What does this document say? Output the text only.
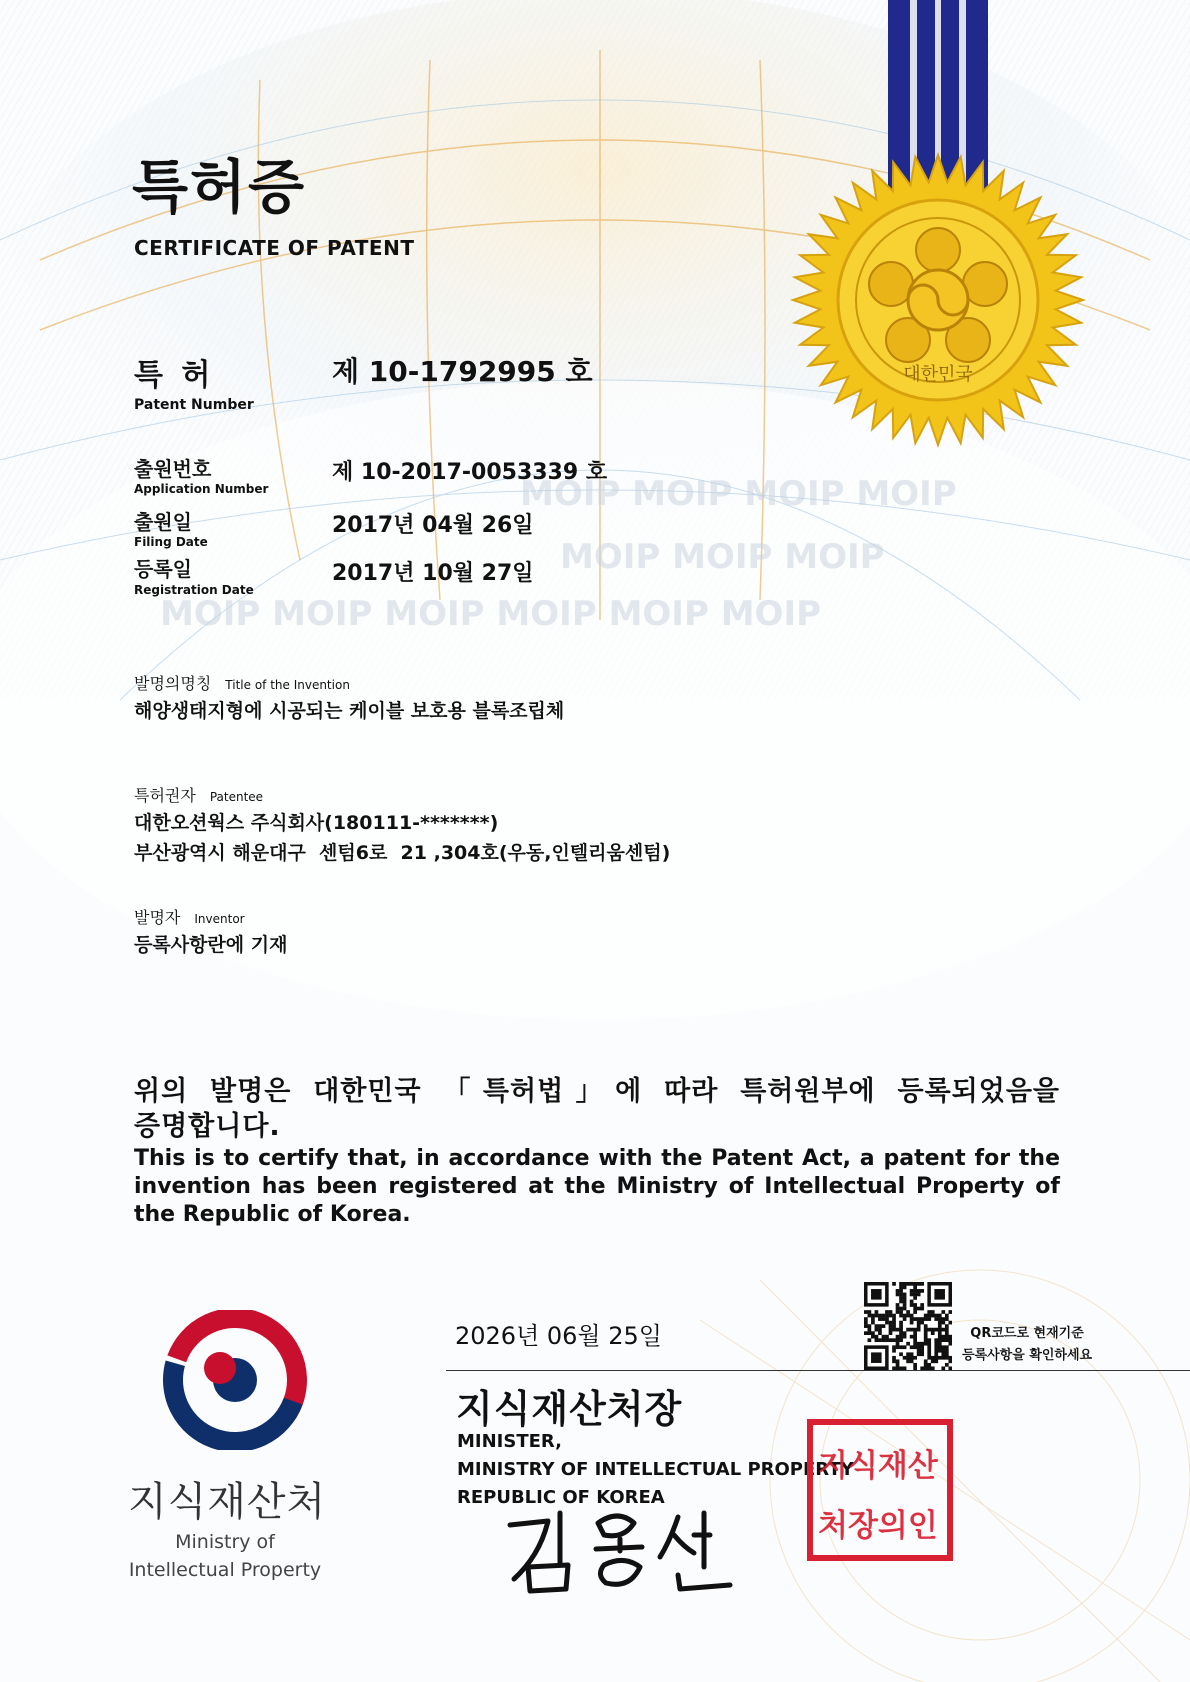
MOIP MOIP MOIP MOIP
MOIP MOIP MOIP
MOIP MOIP MOIP MOIP MOIP MOIP
대한민국
특허증
CERTIFICATE OF PATENT
특 허
Patent Number
제 10-1792995 호
출원번호
Application Number
제 10-2017-0053339 호
출원일
Filing Date
2017년 04월 26일
등록일
Registration Date
2017년 10월 27일
발명의명칭 Title of the Invention
해양생태지형에 시공되는 케이블 보호용 블록조립체
특허권자 Patentee
대한오션웍스 주식회사(180111-*******)
부산광역시 해운대구  센텀6로  21 ,304호(우동,인텔리움센텀)
발명자 Inventor
등록사항란에 기재
위의 발명은 대한민국 「특허법」에 따라 특허원부에 등록되었음을
증명합니다.
This is to certify that, in accordance with the Patent Act, a patent for the
invention has been registered at the Ministry of Intellectual Property of
the Republic of Korea.
2026년 06월 25일	QR코드로 현재기준
등록사항을 확인하세요
지식재산처장
MINISTER,
MINISTRY OF INTELLECTUAL PROPERTY
REPUBLIC OF KOREA
지식재산
처장의인
지식재산처
Ministry of
Intellectual Property
